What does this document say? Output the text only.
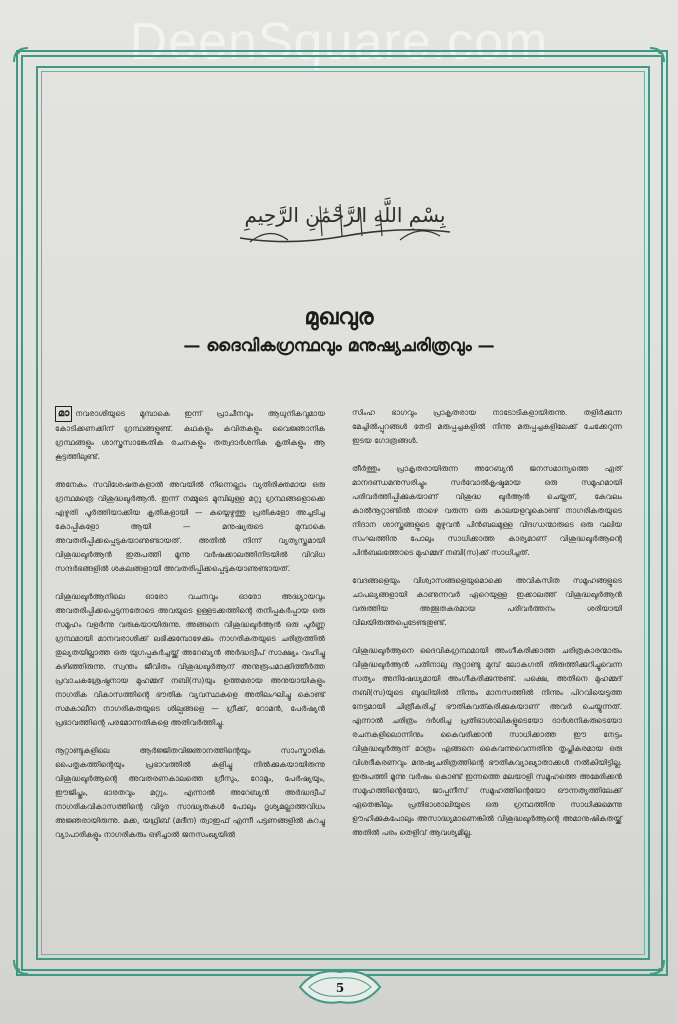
DeenSquare.com
بِسْمِ اللَّهِ الرَّحْمَٰنِ الرَّحِيمِ
മുഖവുര
— ദൈവികഗ്രന്ഥവും മനുഷ്യചരിത്രവും —

മാ നവരാശിയുടെ മുമ്പാകെ ഇന്ന് പ്രാചീനവും ആധുനികവുമായ കോടിക്കണക്കിന് ഗ്രന്ഥങ്ങളുണ്ട്. കഥകളും കവിതകളും വൈജ്ഞാനിക ഗ്രന്ഥങ്ങളും ശാസ്ത്രസാങ്കേതിക രചനകളും തത്വദാർശനിക കൃതികളും ആ കൂട്ടത്തിലുണ്ട്.

അനേകം സവിശേഷതകളാൽ അവയിൽ നിന്നെല്ലാം വ്യതിരിക്തമായ ഒരു ഗ്രന്ഥമത്രെ വിശുദ്ധഖുർആൻ. ഇന്ന് നമ്മുടെ മുമ്പിലുള്ള മറ്റു ഗ്രന്ഥങ്ങളൊക്കെ എഴുതി പൂർത്തിയാക്കിയ കൃതികളായി — കയ്യെഴുത്തു പ്രതികളോ അച്ചടിച്ച കോപ്പികളോ ആയി — മനുഷ്യരുടെ മുമ്പാകെ അവതരിപ്പിക്കപ്പെടുകയാണുണ്ടായത്. അതിൽ നിന്ന് വ്യത്യസ്തമായി വിശുദ്ധഖുർആൻ ഇരുപത്തി മൂന്നു വർഷക്കാലത്തിനിടയിൽ വിവിധ സന്ദർഭങ്ങളിൽ ശകലങ്ങളായി അവതരിപ്പിക്കപ്പെടുകയാണുണ്ടായത്.

വിശുദ്ധഖുർആനിലെ ഓരോ വചനവും ഓരോ അദ്ധ്യായവും അവതരിപ്പിക്കപ്പെടുന്നതോടെ അവയുടെ ഉള്ളടക്കത്തിന്റെ തനിപ്പകർപ്പായ ഒരു സമൂഹം വളർന്നു വരുകയായിരുന്നു. അങ്ങനെ വിശുദ്ധഖുർആൻ ഒരു പൂർണ്ണ ഗ്രന്ഥമായി മാനവരാശിക്ക് ലഭിക്കുമ്പോഴേക്കും നാഗരികതയുടെ ചരിത്രത്തിൽ തുല്യതയില്ലാത്ത ഒരു യുഗപ്പകർച്ചയ്ക്ക് അറേബ്യൻ അർദ്ധദ്വീപ് സാക്ഷ്യം വഹിച്ചു കഴിഞ്ഞിരുന്നു. സ്വന്തം ജീവിതം വിശുദ്ധഖുർആന് അനുരൂപമാക്കിത്തീർത്ത പ്രവാചകശ്രേഷ്ഠനായ മുഹമ്മദ് നബി(സ)യും ഉത്തമരായ അനുയായികളും നാഗരിക വികാസത്തിന്റെ ഭൗതിക വ്യവസ്ഥകളെ അതിലംഘിച്ചു കൊണ്ട് സമകാലീന നാഗരികതയുടെ ശില്പങ്ങളെ — ഗ്രീക്ക്, റോമൻ, പേർഷ്യൻ പ്രഭാവത്തിന്റെ പരമോന്നതികളെ അതിവർത്തിച്ചു.

നൂറ്റാണ്ടുകളിലെ ആർജ്ജിതവിജ്ഞാനത്തിന്റെയും സാംസ്കാരിക പൈതൃകത്തിന്റെയും പ്രഭാവത്തിൽ കുളിച്ചു നിൽക്കുകയായിരുന്നു വിശുദ്ധഖുർആന്റെ അവതരണകാലത്തെ ഗ്രീസും, റോമും, പേർഷ്യയും, ഈജിപ്തും, ഭാരതവും മറ്റും. എന്നാൽ അറേബ്യൻ അർദ്ധദ്വീപ് നാഗരികവികാസത്തിന്റെ വിദൂര സാദ്ധ്യതകൾ പോലും ദൃശ്യമല്ലാത്തവിധം അജ്ഞരായിരുന്നു. മക്ക, യഥ്രിബ് (മദീന) ത്വാഇഫ് എന്നീ പട്ടണങ്ങളിൽ കുറച്ചു വ്യാപാരികളും നാഗരികരും ഒഴിച്ചാൽ ജനസംഖ്യയിൽ

സിംഹ ഭാഗവും പ്രാകൃതരായ നാടോടികളായിരുന്നു. തളിർക്കുന്ന മേച്ചിൽപ്പുറങ്ങൾ തേടി മരുപ്പച്ചകളിൽ നിന്നു മരുപ്പച്ചകളിലേക്ക് ചേക്കേറുന്ന ഇടയ ഗോത്രങ്ങൾ.

തീർത്തും പ്രാകൃതരായിരുന്ന അറേബ്യൻ ജനസമാന്യത്തെ ഏത് മാനദണ്ഡമനുസരിച്ചും സർവോൽകൃഷ്ടമായ ഒരു സമൂഹമായി പരിവർത്തിപ്പിക്കുകയാണ് വിശുദ്ധ ഖുർആൻ ചെയ്തത്, കേവലം കാൽനൂറ്റാണ്ടിൽ താഴെ വരുന്ന ഒരു കാലയളവുകൊണ്ട് നാഗരികതയുടെ നിദാന ശാസ്ത്രങ്ങളുടെ മുഴുവൻ പിൻബലമുള്ള വിദഗ്ധന്മാരുടെ ഒരു വലിയ സംഘത്തിനു പോലും സാധിക്കാത്ത കാര്യമാണ് വിശുദ്ധഖുർആന്റെ പിൻബലത്തോടെ മുഹമ്മദ് നബി(സ)ക്ക് സാധിച്ചത്.

വേദങ്ങളെയും വിശ്വാസങ്ങളെയുമൊക്കെ അവികസിത സമൂഹങ്ങളുടെ ചാപല്യങ്ങളായി കാണുന്നവർ ഏറെയുള്ള ഇക്കാലത്ത് വിശുദ്ധഖുർആൻ വരുത്തിയ അത്ഭുതകരമായ പരിവർത്തനം ശരിയായി വിലയിരുത്തപ്പെടേണ്ടതുണ്ട്.

വിശുദ്ധഖുർആനെ ദൈവികഗ്രന്ഥമായി അംഗീകരിക്കാത്ത ചരിത്രകാരന്മാരും വിശുദ്ധഖുർആൻ പതിനാലു നൂറ്റാണ്ടു മുമ്പ് ലോകഗതി തിരുത്തിക്കുറിച്ചുവെന്ന സത്യം അനിഷേധ്യമായി അംഗീകരിക്കുന്നുണ്ട്. പക്ഷെ, അതിനെ മുഹമ്മദ് നബി(സ)യുടെ ബുദ്ധിയിൽ നിന്നും മാനസത്തിൽ നിന്നും പിറവിയെടുത്ത നേട്ടമായി ചിത്രീകരിച്ച് ഭൗതികവത്കരിക്കുകയാണ് അവർ ചെയ്യുന്നത്. എന്നാൽ ചരിത്രം ദർശിച്ച പ്രതിഭാശാലികളുടെയോ ദാർശനികരുടെയോ രചനകളിലൊന്നിനും കൈവരിക്കാൻ സാധിക്കാത്ത ഈ നേട്ടം വിശുദ്ധഖുർആന് മാത്രം എങ്ങനെ കൈവന്നുവെന്നതിനു തൃപ്തികരമായ ഒരു വിശദീകരണവും മനുഷ്യചരിത്രത്തിന്റെ ഭൗതികവ്യാഖ്യാതാക്കൾ നൽകിയിട്ടില്ല. ഇരുപത്തി മൂന്നു വർഷം കൊണ്ട് ഇന്നത്തെ മലയാളി സമൂഹത്തെ അമേരിക്കൻ സമൂഹത്തിന്റെയോ, ജാപ്പനീസ് സമൂഹത്തിന്റെയോ ഔന്നത്യത്തിലേക്ക് ഏതെങ്കിലും പ്രതിഭാശാലിയുടെ ഒരു ഗ്രന്ഥത്തിനു സാധിക്കുമെന്നു ഊഹിക്കുകപോലും അസാദ്ധ്യമാണെങ്കിൽ വിശുദ്ധഖുർആന്റെ അമാനുഷികതയ്ക്ക് അതിൽ പരം തെളിവ് ആവശ്യമില്ല.

5
